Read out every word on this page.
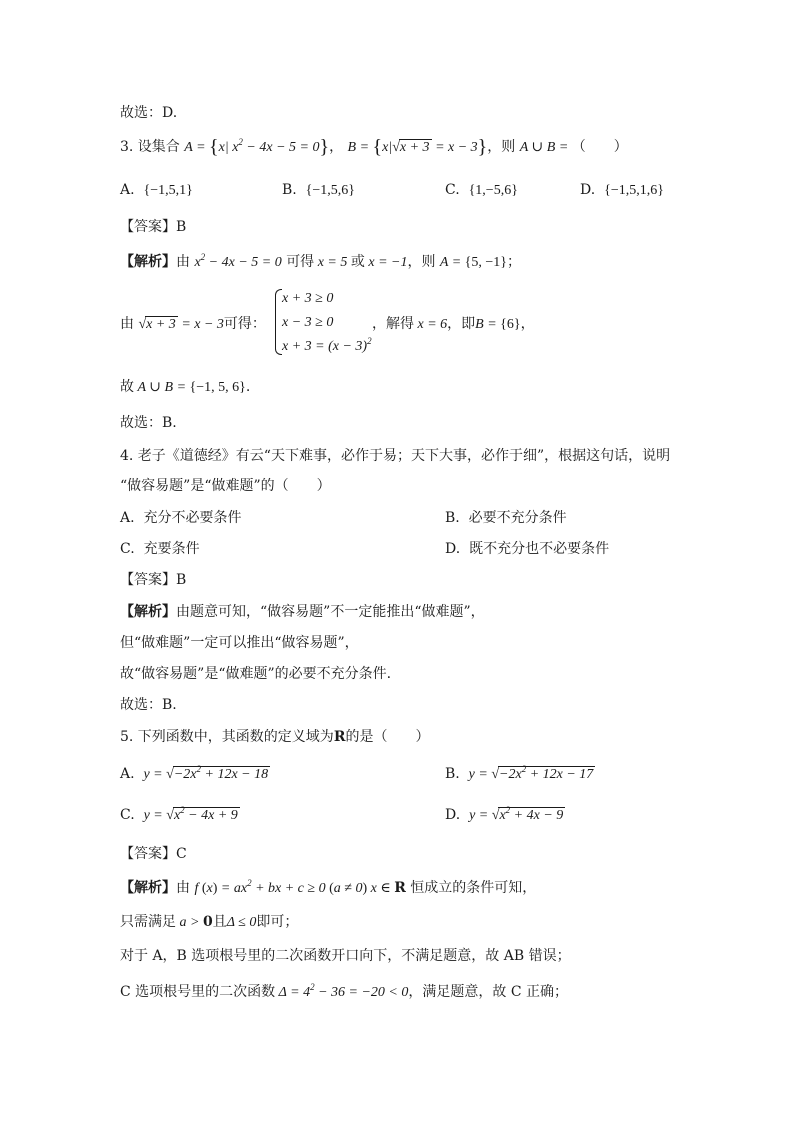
故选：D.
3. 设集合 A = {x| $x^2 - 4x - 5 = 0$}， B = {x|√x + 3 = x − 3}，则 A ∪ B = （　　）
A. {−1,5,1}	B. {−1,5,6}	C. {1,−5,6}	D. {−1,5,1,6}
【答案】B
【解析】由 $x^2 - 4x - 5 = 0$ 可得 x = 5 或 x = −1，则 A = {5, −1}；
由 √x + 3 = x − 3可得：
x + 3 ≥ 0
x − 3 ≥ 0
$x + 3 = (x - 3)^2$
，解得 x = 6，即B = {6}，
故 A ∪ B = {−1, 5, 6}.
故选：B.
4. 老子《道德经》有云“天下难事，必作于易；天下大事，必作于细”，根据这句话，说明
“做容易题”是“做难题”的（　　）
A. 充分不必要条件	B. 必要不充分条件
C. 充要条件	D. 既不充分也不必要条件
【答案】B
【解析】由题意可知，“做容易题”不一定能推出“做难题”，
但“做难题”一定可以推出“做容易题”，
故“做容易题”是“做难题”的必要不充分条件.
故选：B.
5. 下列函数中，其函数的定义域为R的是（　　）
A. $y = √-2x^2 + 12x - 18$	B. $y = √-2x^2 + 12x - 17$
C. $y = √x^2 - 4x + 9$	D. $y = √x^2 + 4x - 9$
【答案】C
【解析】由 f $(x) = ax^2$ + bx + c ≥ 0 (a ≠ 0) x ∈ R 恒成立的条件可知，
只需满足 a > 0且Δ ≤ 0即可；
对于 A，B 选项根号里的二次函数开口向下，不满足题意，故 AB 错误；
C 选项根号里的二次函数 $\Delta = 4^2 - 36 = -20 < 0$，满足题意，故 C 正确；
